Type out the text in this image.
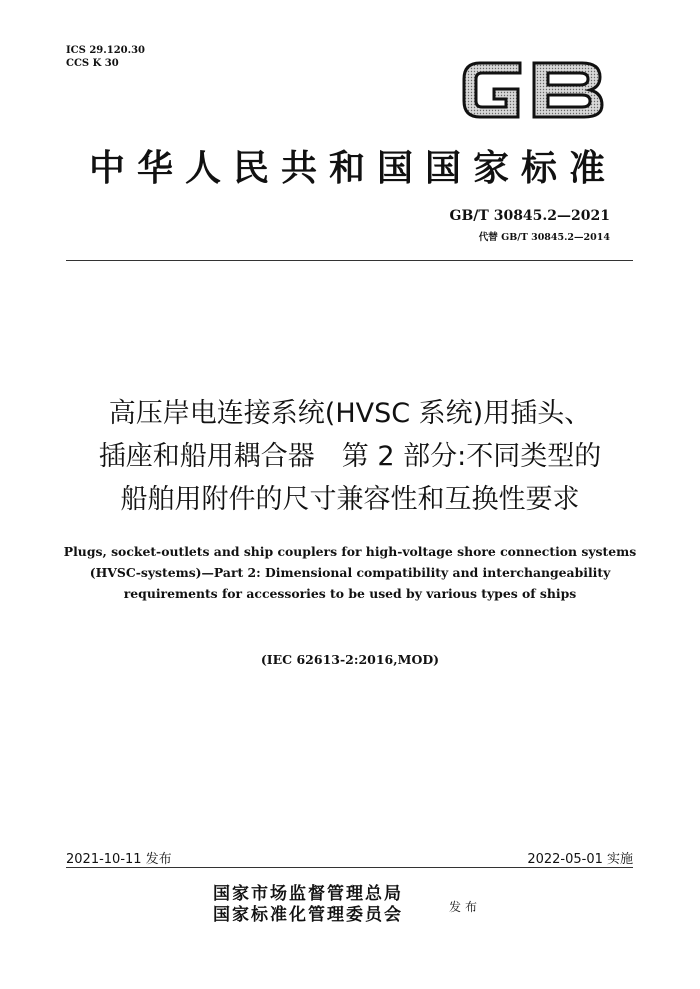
ICS 29.120.30
CCS K 30
中华人民共和国国家标准
GB/T 30845.2—2021
代替 GB/T 30845.2—2014
高压岸电连接系统(HVSC 系统)用插头、
插座和船用耦合器　第 2 部分:不同类型的
船舶用附件的尺寸兼容性和互换性要求
Plugs, socket-outlets and ship couplers for high-voltage shore connection systems
(HVSC-systems)—Part 2: Dimensional compatibility and interchangeability
requirements for accessories to be used by various types of ships
(IEC 62613-2:2016,MOD)
2021-10-11 发布	2022-05-01 实施
国家市场监督管理总局
国家标准化管理委员会	发布
